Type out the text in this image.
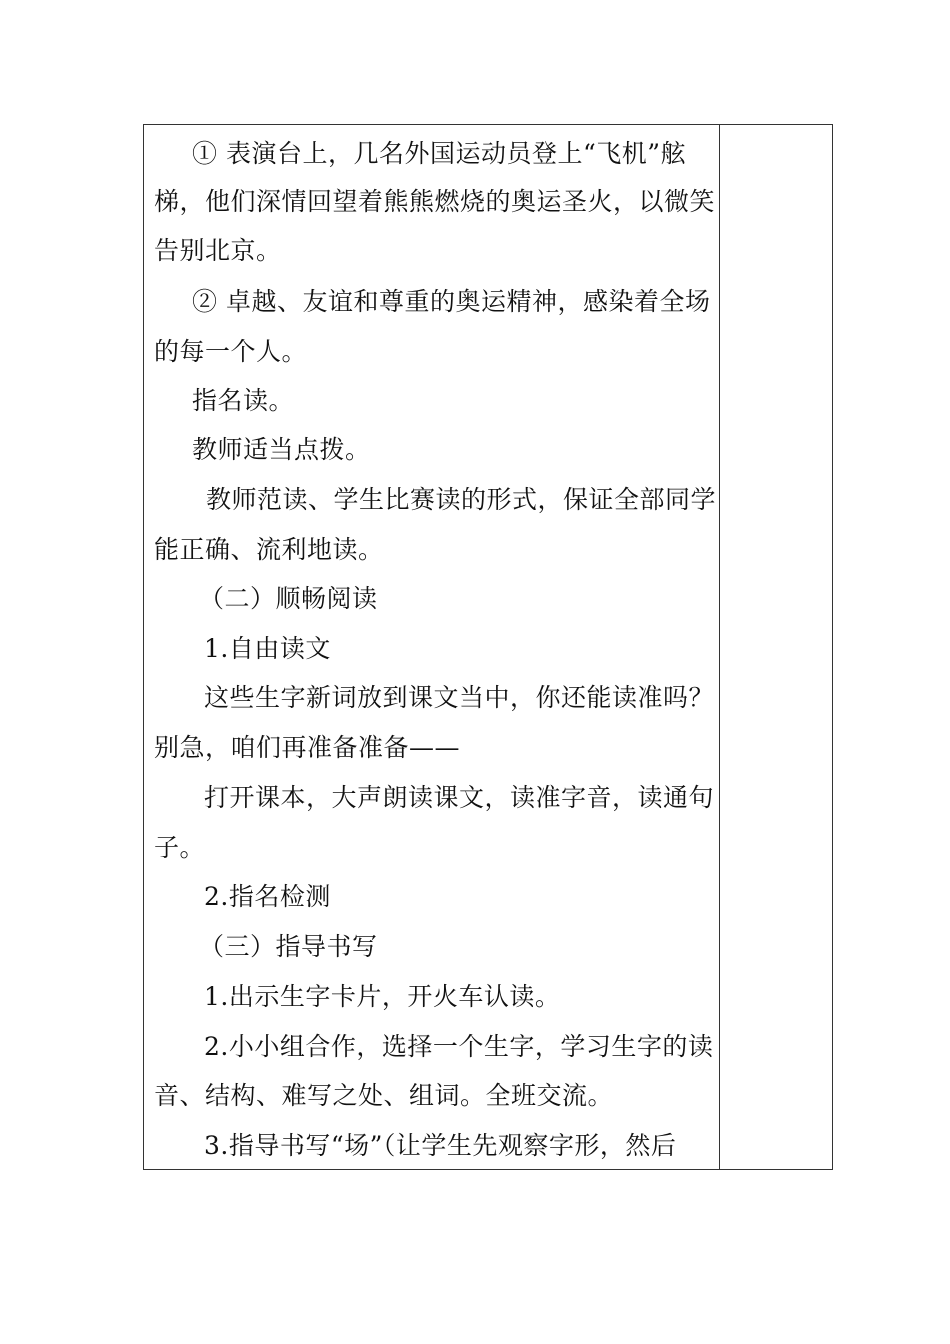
① 表演台上，几名外国运动员登上“飞机”舷
梯，他们深情回望着熊熊燃烧的奥运圣火，以微笑
告别北京。
② 卓越、友谊和尊重的奥运精神，感染着全场
的每一个人。
指名读。
教师适当点拨。
教师范读、学生比赛读的形式，保证全部同学
能正确、流利地读。
（二）顺畅阅读
1.自由读文
这些生字新词放到课文当中，你还能读准吗？
别急，咱们再准备准备——
打开课本，大声朗读课文，读准字音，读通句
子。
2.指名检测
（三）指导书写
1.出示生字卡片，开火车认读。
2.小小组合作，选择一个生字，学习生字的读
音、结构、难写之处、组词。全班交流。
3.指导书写“场”（让学生先观察字形，然后
